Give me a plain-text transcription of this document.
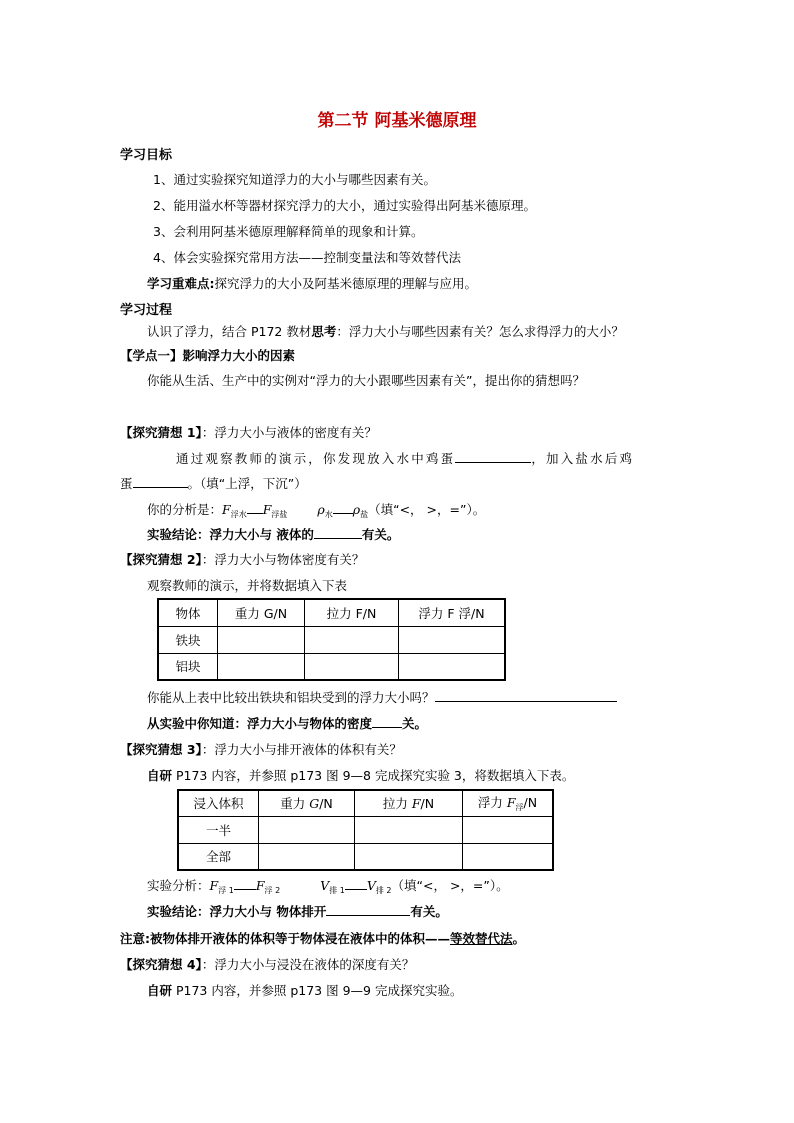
第二节 阿基米德原理
学习目标
1、通过实验探究知道浮力的大小与哪些因素有关。
2、能用溢水杯等器材探究浮力的大小，通过实验得出阿基米德原理。
3、会利用阿基米德原理解释简单的现象和计算。
4、体会实验探究常用方法——控制变量法和等效替代法
学习重难点:探究浮力的大小及阿基米德原理的理解与应用。
学习过程
认识了浮力，结合 P172 教材思考：浮力大小与哪些因素有关？怎么求得浮力的大小？
【学点一】影响浮力大小的因素
你能从生活、生产中的实例对“浮力的大小跟哪些因素有关”，提出你的猜想吗？
【探究猜想 1】：浮力大小与液体的密度有关？
通过观察教师的演示，你发现放入水中鸡蛋	，加入盐水后鸡
蛋	。（填“上浮，下沉”）
你的分析是：$F_{浮水}$ $F_{浮盐}$ $\rho_水$ $\rho_盐$（填“<， >，=”）。
实验结论：浮力大小与 液体的	有关。
【探究猜想 2】：浮力大小与物体密度有关？
观察教师的演示，并将数据填入下表
物体	重力 G/N	拉力 F/N	浮力 F 浮/N
铁块			
铝块			
你能从上表中比较出铁块和铝块受到的浮力大小吗？
从实验中你知道：浮力大小与物体的密度 关。
【探究猜想 3】：浮力大小与排开液体的体积有关？
自研 P173 内容，并参照 p173 图 9—8 完成探究实验 3，将数据填入下表。
浸入体积	重力 G/N	拉力 F/N	浮力 $F_浮/N$
一半			
全部			
实验分析：$F_{浮 1}$ $F_{浮 2}$	$V_{排 1}$ $V_{排 2}$（填“<， >，=”）。
实验结论：浮力大小与 物体排开	有关。
注意:被物体排开液体的体积等于物体浸在液体中的体积——等效替代法。
【探究猜想 4】：浮力大小与浸没在液体的深度有关？
自研 P173 内容，并参照 p173 图 9—9 完成探究实验。
